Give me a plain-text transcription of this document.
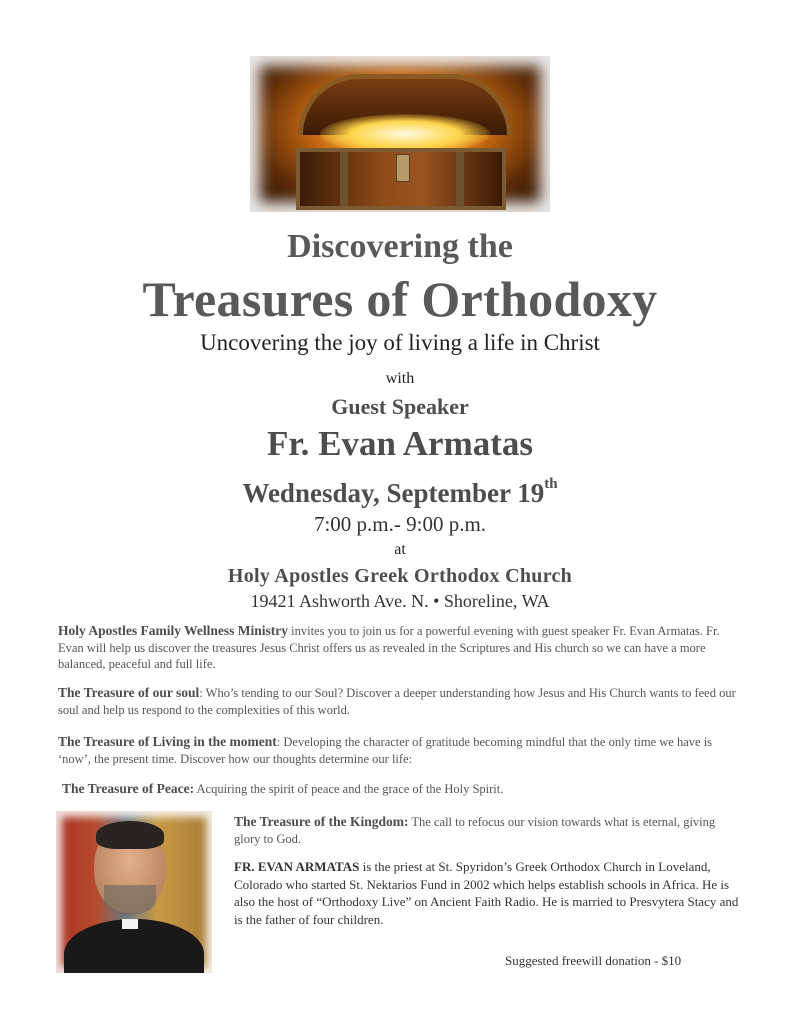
Discovering the
Treasures of Orthodoxy
Uncovering the joy of living a life in Christ
with
Guest Speaker
Fr. Evan Armatas
Wednesday, September 19th
7:00 p.m.- 9:00 p.m.
at
Holy Apostles Greek Orthodox Church
19421 Ashworth Ave. N. • Shoreline, WA
Holy Apostles Family Wellness Ministry invites you to join us for a powerful evening with guest speaker Fr. Evan Armatas. Fr. Evan will help us discover the treasures Jesus Christ offers us as revealed in the Scriptures and His church so we can have a more balanced, peaceful and full life.
The Treasure of our soul: Who’s tending to our Soul? Discover a deeper understanding how Jesus and His Church wants to feed our soul and help us respond to the complexities of this world.
The Treasure of Living in the moment: Developing the character of gratitude becoming mindful that the only time we have is ‘now’, the present time. Discover how our thoughts determine our life:
The Treasure of Peace: Acquiring the spirit of peace and the grace of the Holy Spirit.
The Treasure of the Kingdom: The call to refocus our vision towards what is eternal, giving glory to God.
FR. EVAN ARMATAS is the priest at St. Spyridon’s Greek Orthodox Church in Loveland, Colorado who started St. Nektarios Fund in 2002 which helps establish schools in Africa. He is also the host of “Orthodoxy Live” on Ancient Faith Radio. He is married to Presvytera Stacy and is the father of four children.
Suggested freewill donation - $10
